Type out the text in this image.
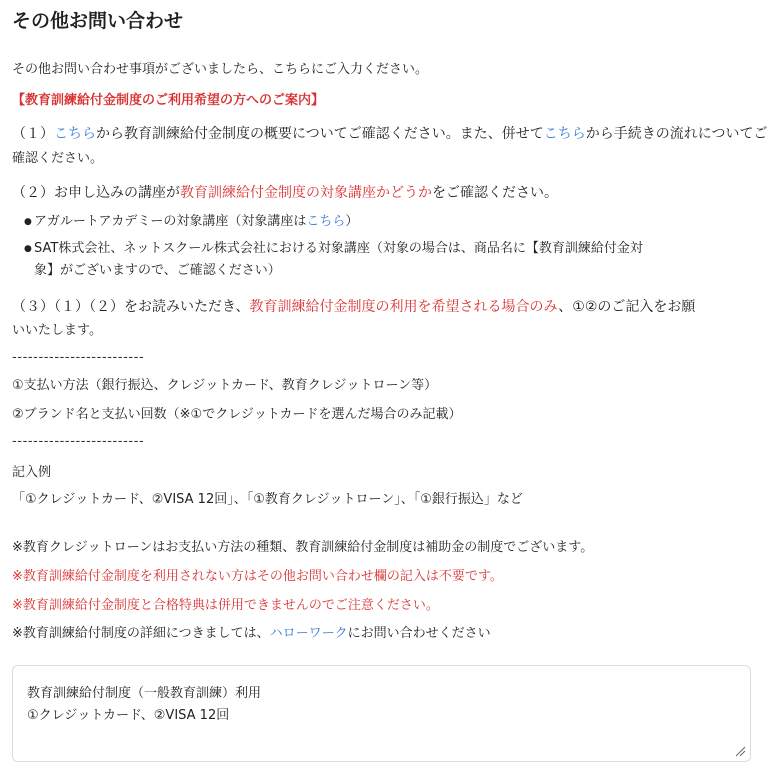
その他お問い合わせ
その他お問い合わせ事項がございましたら、こちらにご入力ください。
【教育訓練給付金制度のご利用希望の方へのご案内】
（１）こちらから教育訓練給付金制度の概要についてご確認ください。また、併せてこちらから手続きの流れについてご
確認ください。
（２）お申し込みの講座が教育訓練給付金制度の対象講座かどうかをご確認ください。
● アガルートアカデミーの対象講座（対象講座はこちら）
● SAT株式会社、ネットスクール株式会社における対象講座（対象の場合は、商品名に【教育訓練給付金対
象】がございますので、ご確認ください）
（３）（１）（２）をお読みいただき、教育訓練給付金制度の利用を希望される場合のみ、①②のご記入をお願
いいたします。
-------------------------
①支払い方法（銀行振込、クレジットカード、教育クレジットローン等）
②ブランド名と支払い回数（※①でクレジットカードを選んだ場合のみ記載）
-------------------------
記入例
「①クレジットカード、②VISA 12回」、「①教育クレジットローン」、「①銀行振込」など
※教育クレジットローンはお支払い方法の種類、教育訓練給付金制度は補助金の制度でございます。
※教育訓練給付金制度を利用されない方はその他お問い合わせ欄の記入は不要です。
※教育訓練給付金制度と合格特典は併用できませんのでご注意ください。
※教育訓練給付制度の詳細につきましては、ハローワークにお問い合わせください
教育訓練給付制度（一般教育訓練）利用
①クレジットカード、②VISA 12回
